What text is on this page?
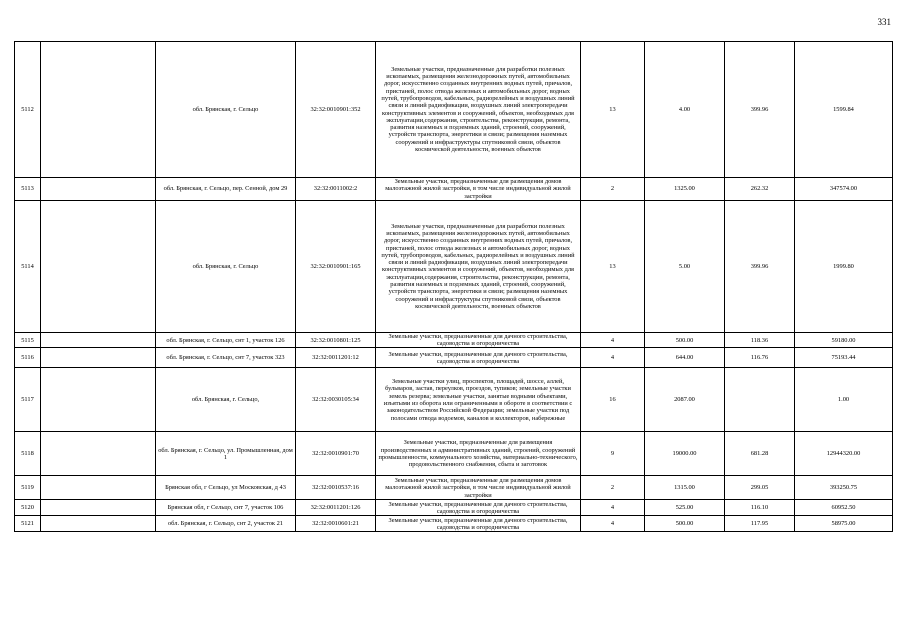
331
5112		обл. Брянская, г. Сельцо	32:32:0010901:352	Земельные участки, предназначенные для разработки полезных ископаемых, размещения железнодорожных путей, автомобильных дорог, искусственно созданных внутренних водных путей, причалов, пристаней, полос отвода железных и автомобильных дорог, водных путей, трубопроводов, кабельных, радиорелейных и воздушных линий связи и линий радиофикации, воздушных линий электропередачи конструктивных элементов и сооружений, объектов, необходимых для эксплуатации,содержания, строительства, реконструкции, ремонта, развития наземных и подземных зданий, строений, сооружений, устройств транспорта, энергетики и связи; размещения наземных сооружений и инфраструктуры спутниковой связи, объектов космической деятельности, военных объектов	13	4.00	399.96	1599.84
5113		обл. Брянская, г. Сельцо, пер. Сенной, дом 29	32:32:0011002:2	Земельные участки, предназначенные для размещения домов малоэтажной жилой застройки, в том числе индивидуальной жилой застройки	2	1325.00	262.32	347574.00
5114		обл. Брянская, г. Сельцо	32:32:0010901:165	Земельные участки, предназначенные для разработки полезных ископаемых, размещения железнодорожных путей, автомобильных дорог, искусственно созданных внутренних водных путей, причалов, пристаней, полос отвода железных и автомобильных дорог, водных путей, трубопроводов, кабельных, радиорелейных и воздушных линий связи и линий радиофикации, воздушных линий электропередачи конструктивных элементов и сооружений, объектов, необходимых для эксплуатации,содержания, строительства, реконструкции, ремонта, развития наземных и подземных зданий, строений, сооружений, устройств транспорта, энергетики и связи; размещения наземных сооружений и инфраструктуры спутниковой связи, объектов космической деятельности, военных объектов	13	5.00	399.96	1999.80
5115		обл. Брянская, г. Сельцо, снт 1, участок 126	32:32:0010801:125	Земельные участки, предназначенные для дачного строительства, садоводства и огородничества	4	500.00	118.36	59180.00
5116		обл. Брянская, г. Сельцо, снт 7, участок 323	32:32:0011201:12	Земельные участки, предназначенные для дачного строительства, садоводства и огородничества	4	644.00	116.76	75193.44
5117		обл. Брянская, г. Сельцо,	32:32:0030105:34	Земельные участки улиц, проспектов, площадей, шоссе, аллей, бульваров, застав, переулков, проездов, тупиков; земельные участки земель резерва; земельные участки, занятые водными объектами, изъятыми из оборота или ограниченными в обороте в соответствии с законодательством Российской Федерации; земельные участки под полосами отвода водоемов, каналов и коллекторов, набережные	16	2087.00		1.00
5118		обл. Брянская, г. Сельцо, ул. Промышленная, дом 1	32:32:0010901:70	Земельные участки, предназначенные для размещения производственных и административных зданий, строений, сооружений промышленности, коммунального хозяйства, материально-технического, продовольственного снабжения, сбыта и заготовок	9	19000.00	681.28	12944320.00
5119		Брянская обл, г Сельцо, ул Московская, д 43	32:32:0010537:16	Земельные участки, предназначенные для размещения домов малоэтажной жилой застройки, в том числе индивидуальной жилой застройки	2	1315.00	299.05	393250.75
5120		Брянская обл, г Сельцо, снт 7, участок 106	32:32:0011201:126	Земельные участки, предназначенные для дачного строительства, садоводства и огородничества	4	525.00	116.10	60952.50
5121		обл. Брянская, г. Сельцо, снт 2, участок 21	32:32:0010601:21	Земельные участки, предназначенные для дачного строительства, садоводства и огородничества	4	500.00	117.95	58975.00
